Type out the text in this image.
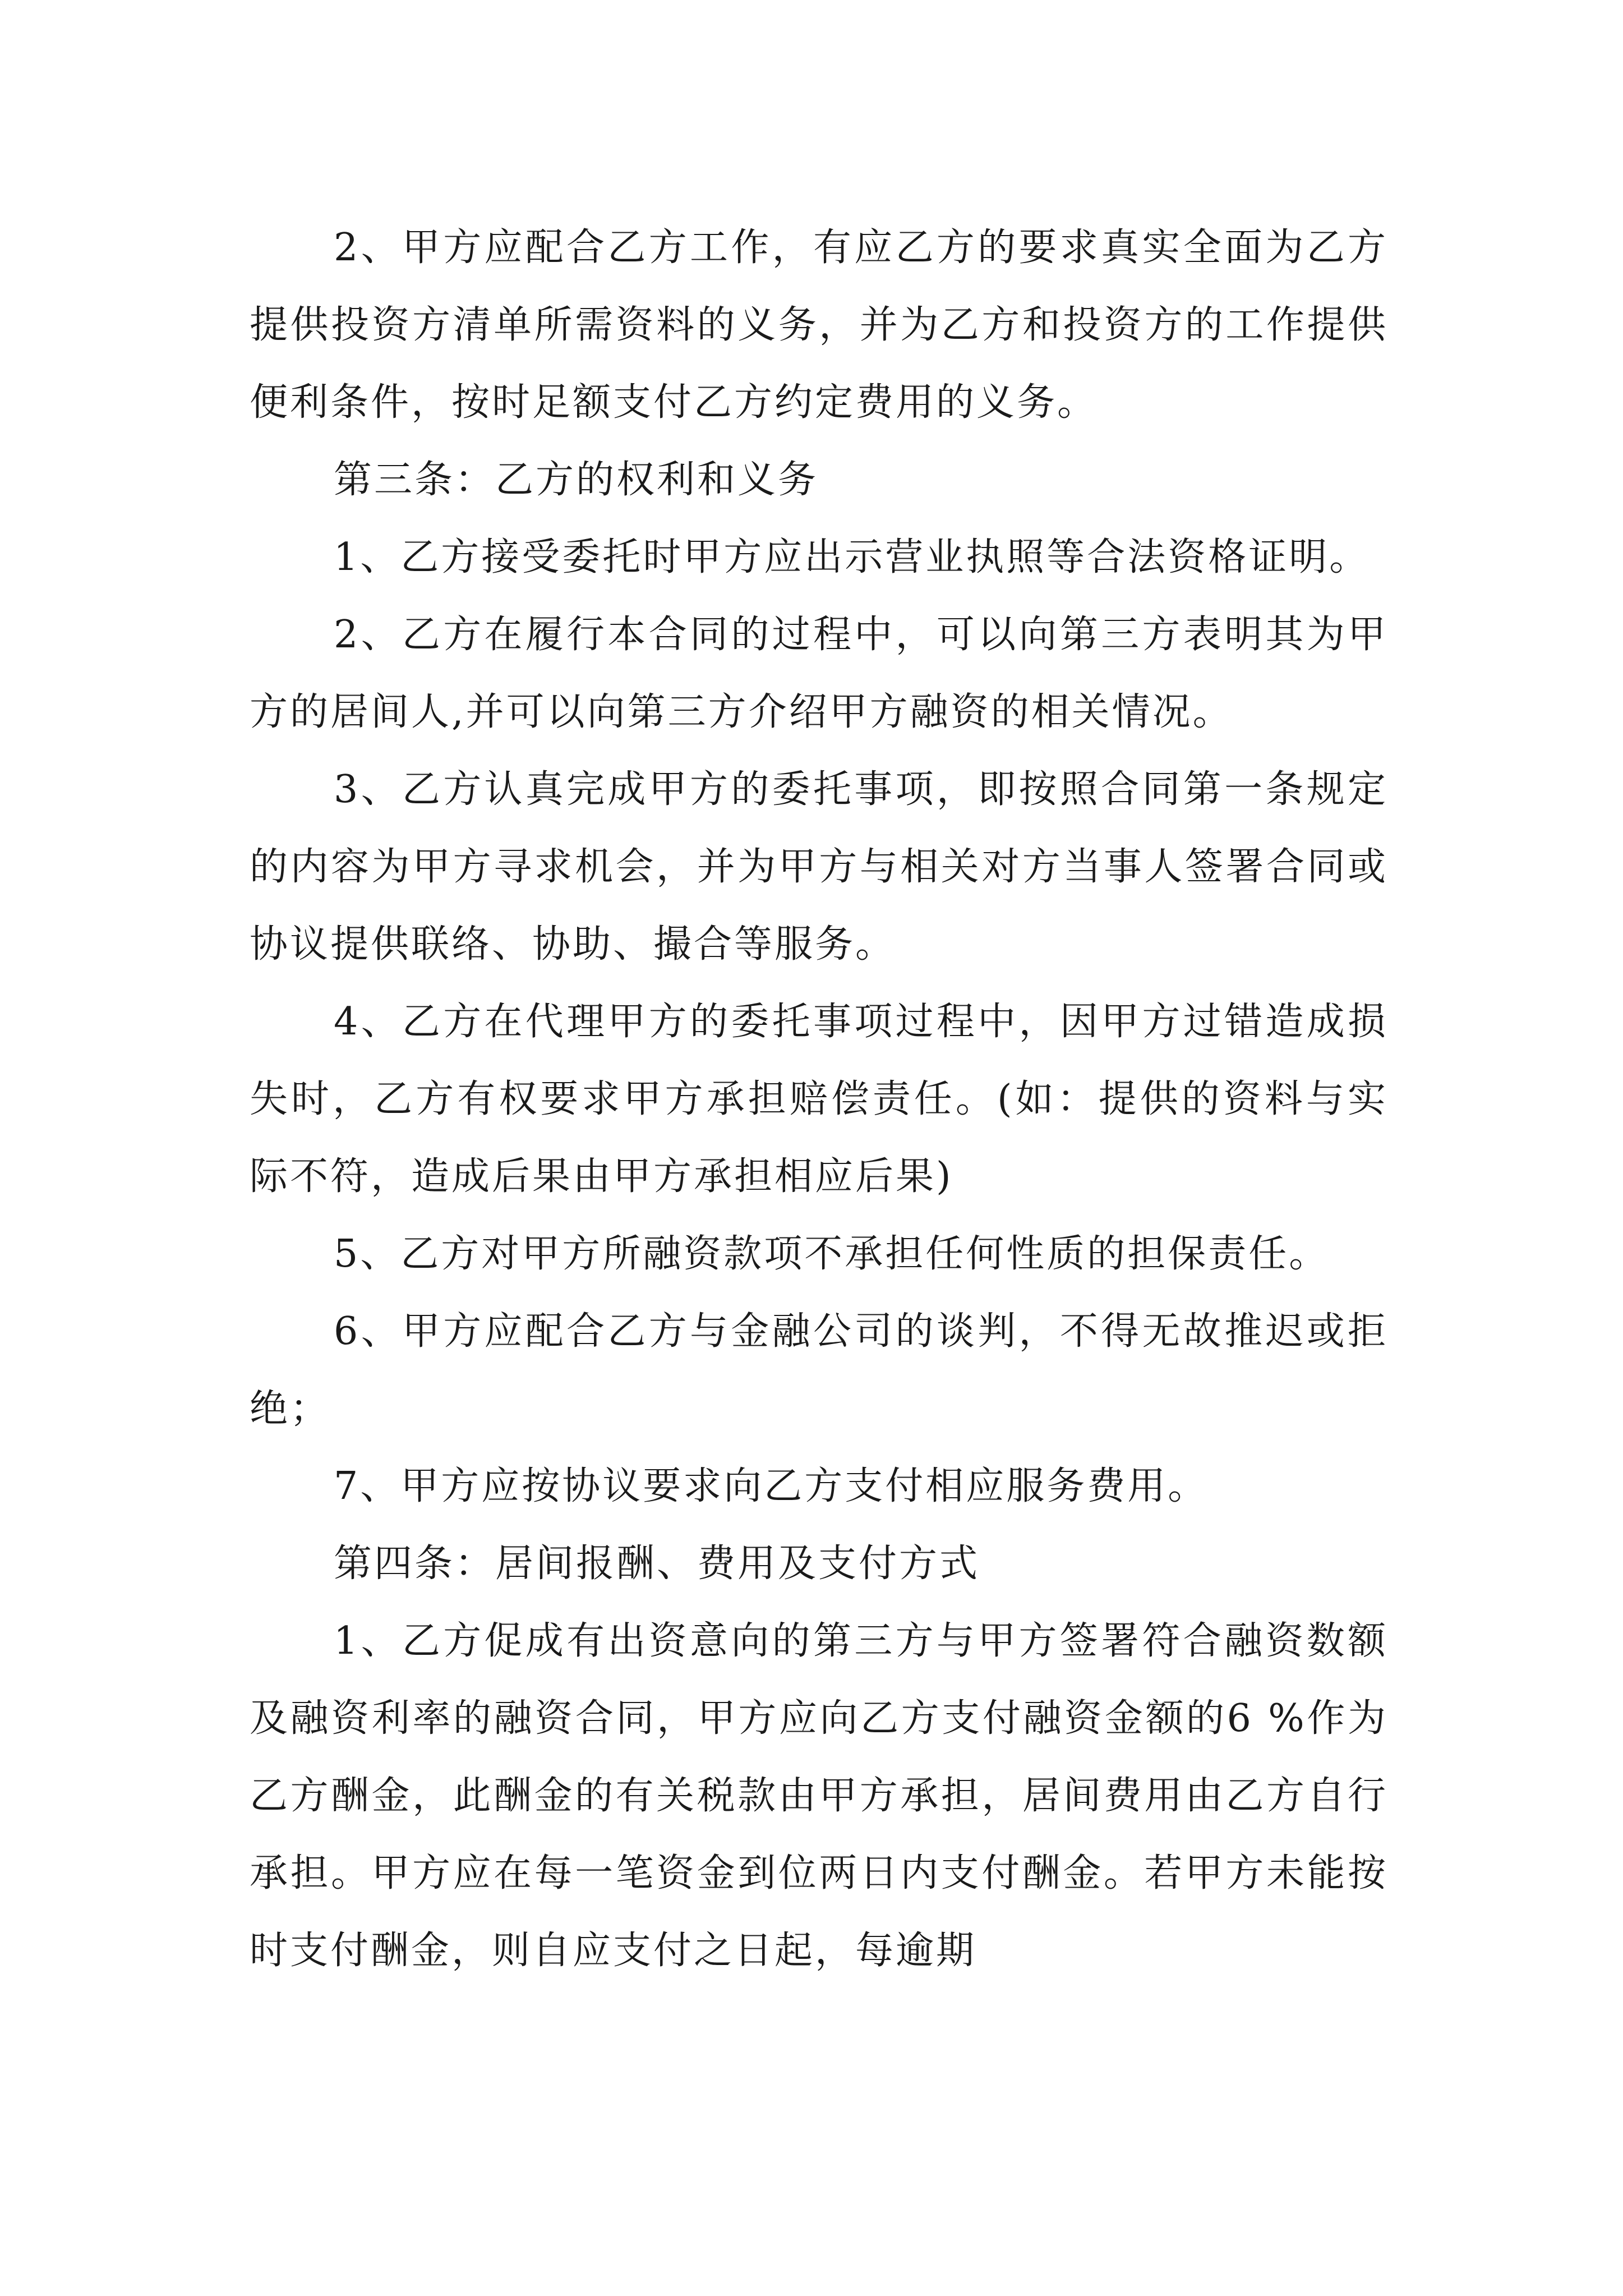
2、甲方应配合乙方工作，有应乙方的要求真实全面为乙方提供投资方清单所需资料的义务，并为乙方和投资方的工作提供便利条件，按时足额支付乙方约定费用的义务。

第三条：乙方的权利和义务

1、乙方接受委托时甲方应出示营业执照等合法资格证明。

2、乙方在履行本合同的过程中，可以向第三方表明其为甲方的居间人,并可以向第三方介绍甲方融资的相关情况。

3、乙方认真完成甲方的委托事项，即按照合同第一条规定的内容为甲方寻求机会，并为甲方与相关对方当事人签署合同或协议提供联络、协助、撮合等服务。

4、乙方在代理甲方的委托事项过程中，因甲方过错造成损失时，乙方有权要求甲方承担赔偿责任。(如：提供的资料与实际不符，造成后果由甲方承担相应后果)

5、乙方对甲方所融资款项不承担任何性质的担保责任。

6、甲方应配合乙方与金融公司的谈判，不得无故推迟或拒绝；

7、甲方应按协议要求向乙方支付相应服务费用。

第四条：居间报酬、费用及支付方式

1、乙方促成有出资意向的第三方与甲方签署符合融资数额及融资利率的融资合同，甲方应向乙方支付融资金额的6 %作为乙方酬金，此酬金的有关税款由甲方承担，居间费用由乙方自行承担。甲方应在每一笔资金到位两日内支付酬金。若甲方未能按时支付酬金，则自应支付之日起，每逾期
